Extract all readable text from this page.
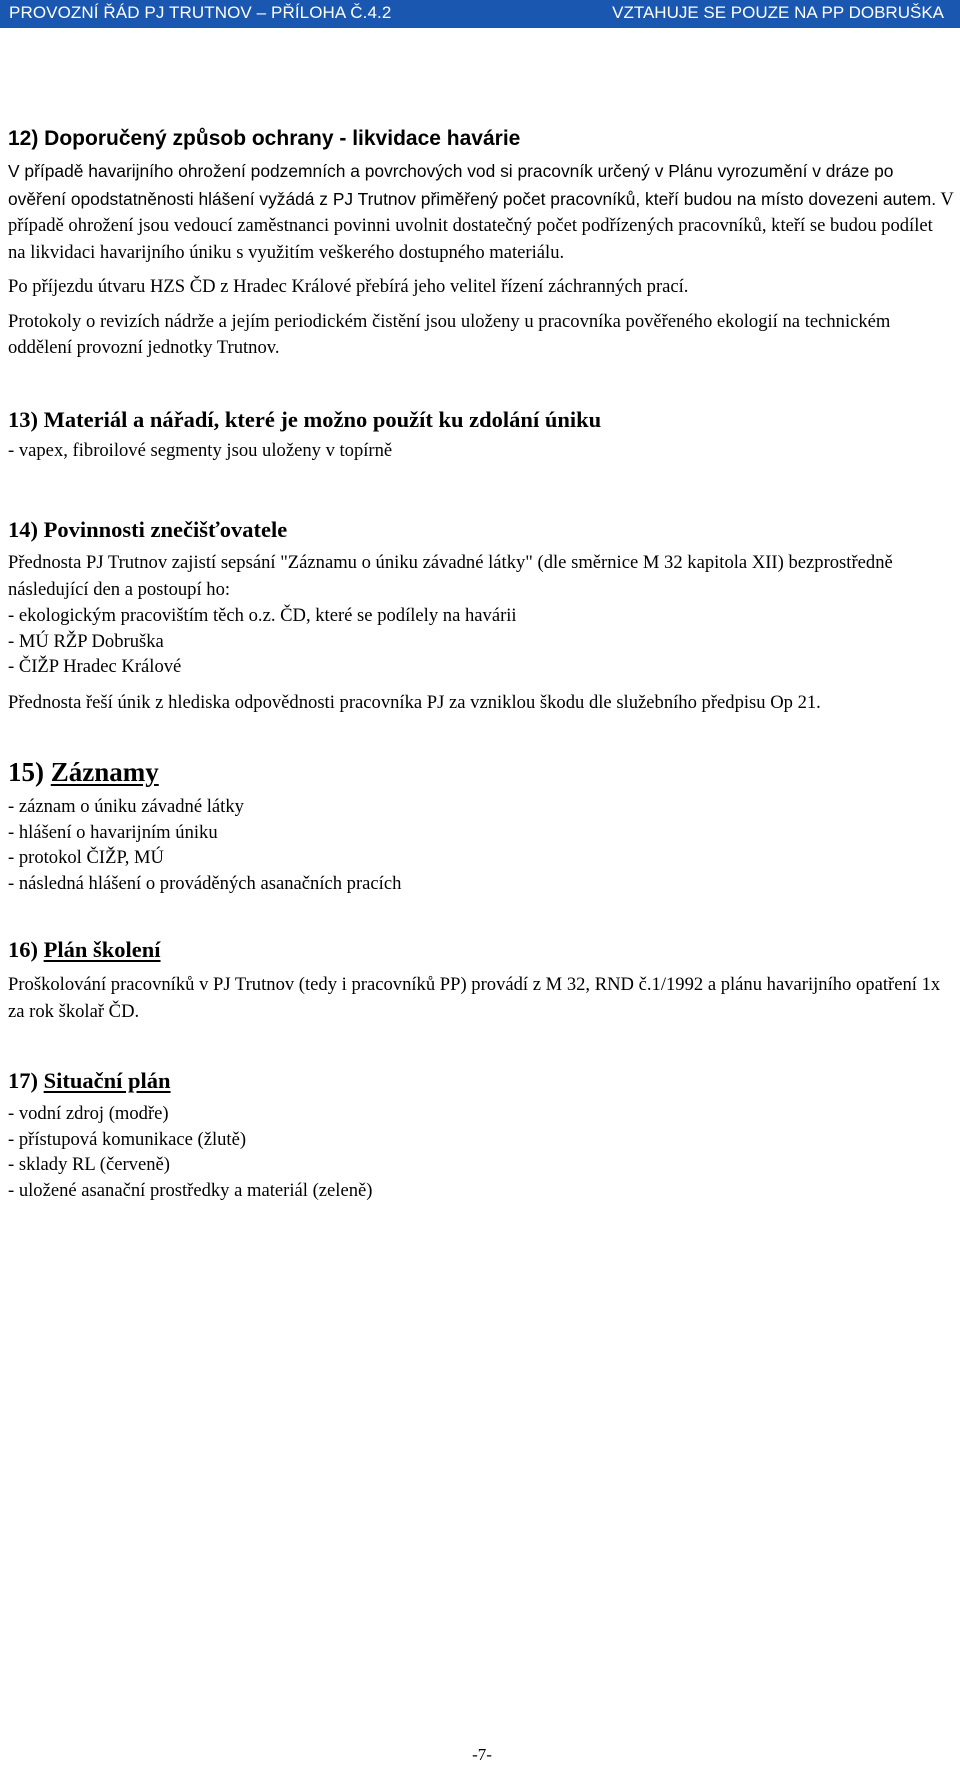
PROVOZNÍ ŘÁD PJ TRUTNOV – PŘÍLOHA Č.4.2	VZTAHUJE SE POUZE NA PP DOBRUŠKA
12) Doporučený způsob ochrany - likvidace havárie

V případě havarijního ohrožení podzemních a povrchových vod si pracovník určený v Plánu vyrozumění v dráze po ověření opodstatněnosti hlášení vyžádá z PJ Trutnov přiměřený počet pracovníků, kteří budou na místo dovezeni autem. V případě ohrožení jsou vedoucí zaměstnanci povinni uvolnit dostatečný počet podřízených pracovníků, kteří se budou podílet na likvidaci havarijního úniku s využitím veškerého dostupného materiálu.

Po příjezdu útvaru HZS ČD z Hradec Králové přebírá jeho velitel řízení záchranných prací.

Protokoly o revizích nádrže a jejím periodickém čistění jsou uloženy u pracovníka pověřeného ekologií na technickém oddělení provozní jednotky Trutnov.

13) Materiál a nářadí, které je možno použít ku zdolání úniku

- vapex, fibroilové segmenty jsou uloženy v topírně

14) Povinnosti znečišťovatele

Přednosta PJ Trutnov zajistí sepsání "Záznamu o úniku závadné látky" (dle směrnice M 32 kapitola XII) bezprostředně následující den a postoupí ho:

- ekologickým pracovištím těch o.z. ČD, které se podílely na havárii
- MÚ RŽP Dobruška
- ČIŽP Hradec Králové

Přednosta řeší únik z hlediska odpovědnosti pracovníka PJ za vzniklou škodu dle služebního předpisu Op 21.

15) Záznamy
- záznam o úniku závadné látky
- hlášení o havarijním úniku
- protokol ČIŽP, MÚ
- následná hlášení o prováděných asanačních pracích
16) Plán školení

Proškolování pracovníků v PJ Trutnov (tedy i pracovníků PP) provádí z M 32, RND č.1/1992 a plánu havarijního opatření 1x za rok školař ČD.

17) Situační plán
- vodní zdroj (modře)
- přístupová komunikace (žlutě)
- sklady RL (červeně)
- uložené asanační prostředky a materiál (zeleně)
-7-
